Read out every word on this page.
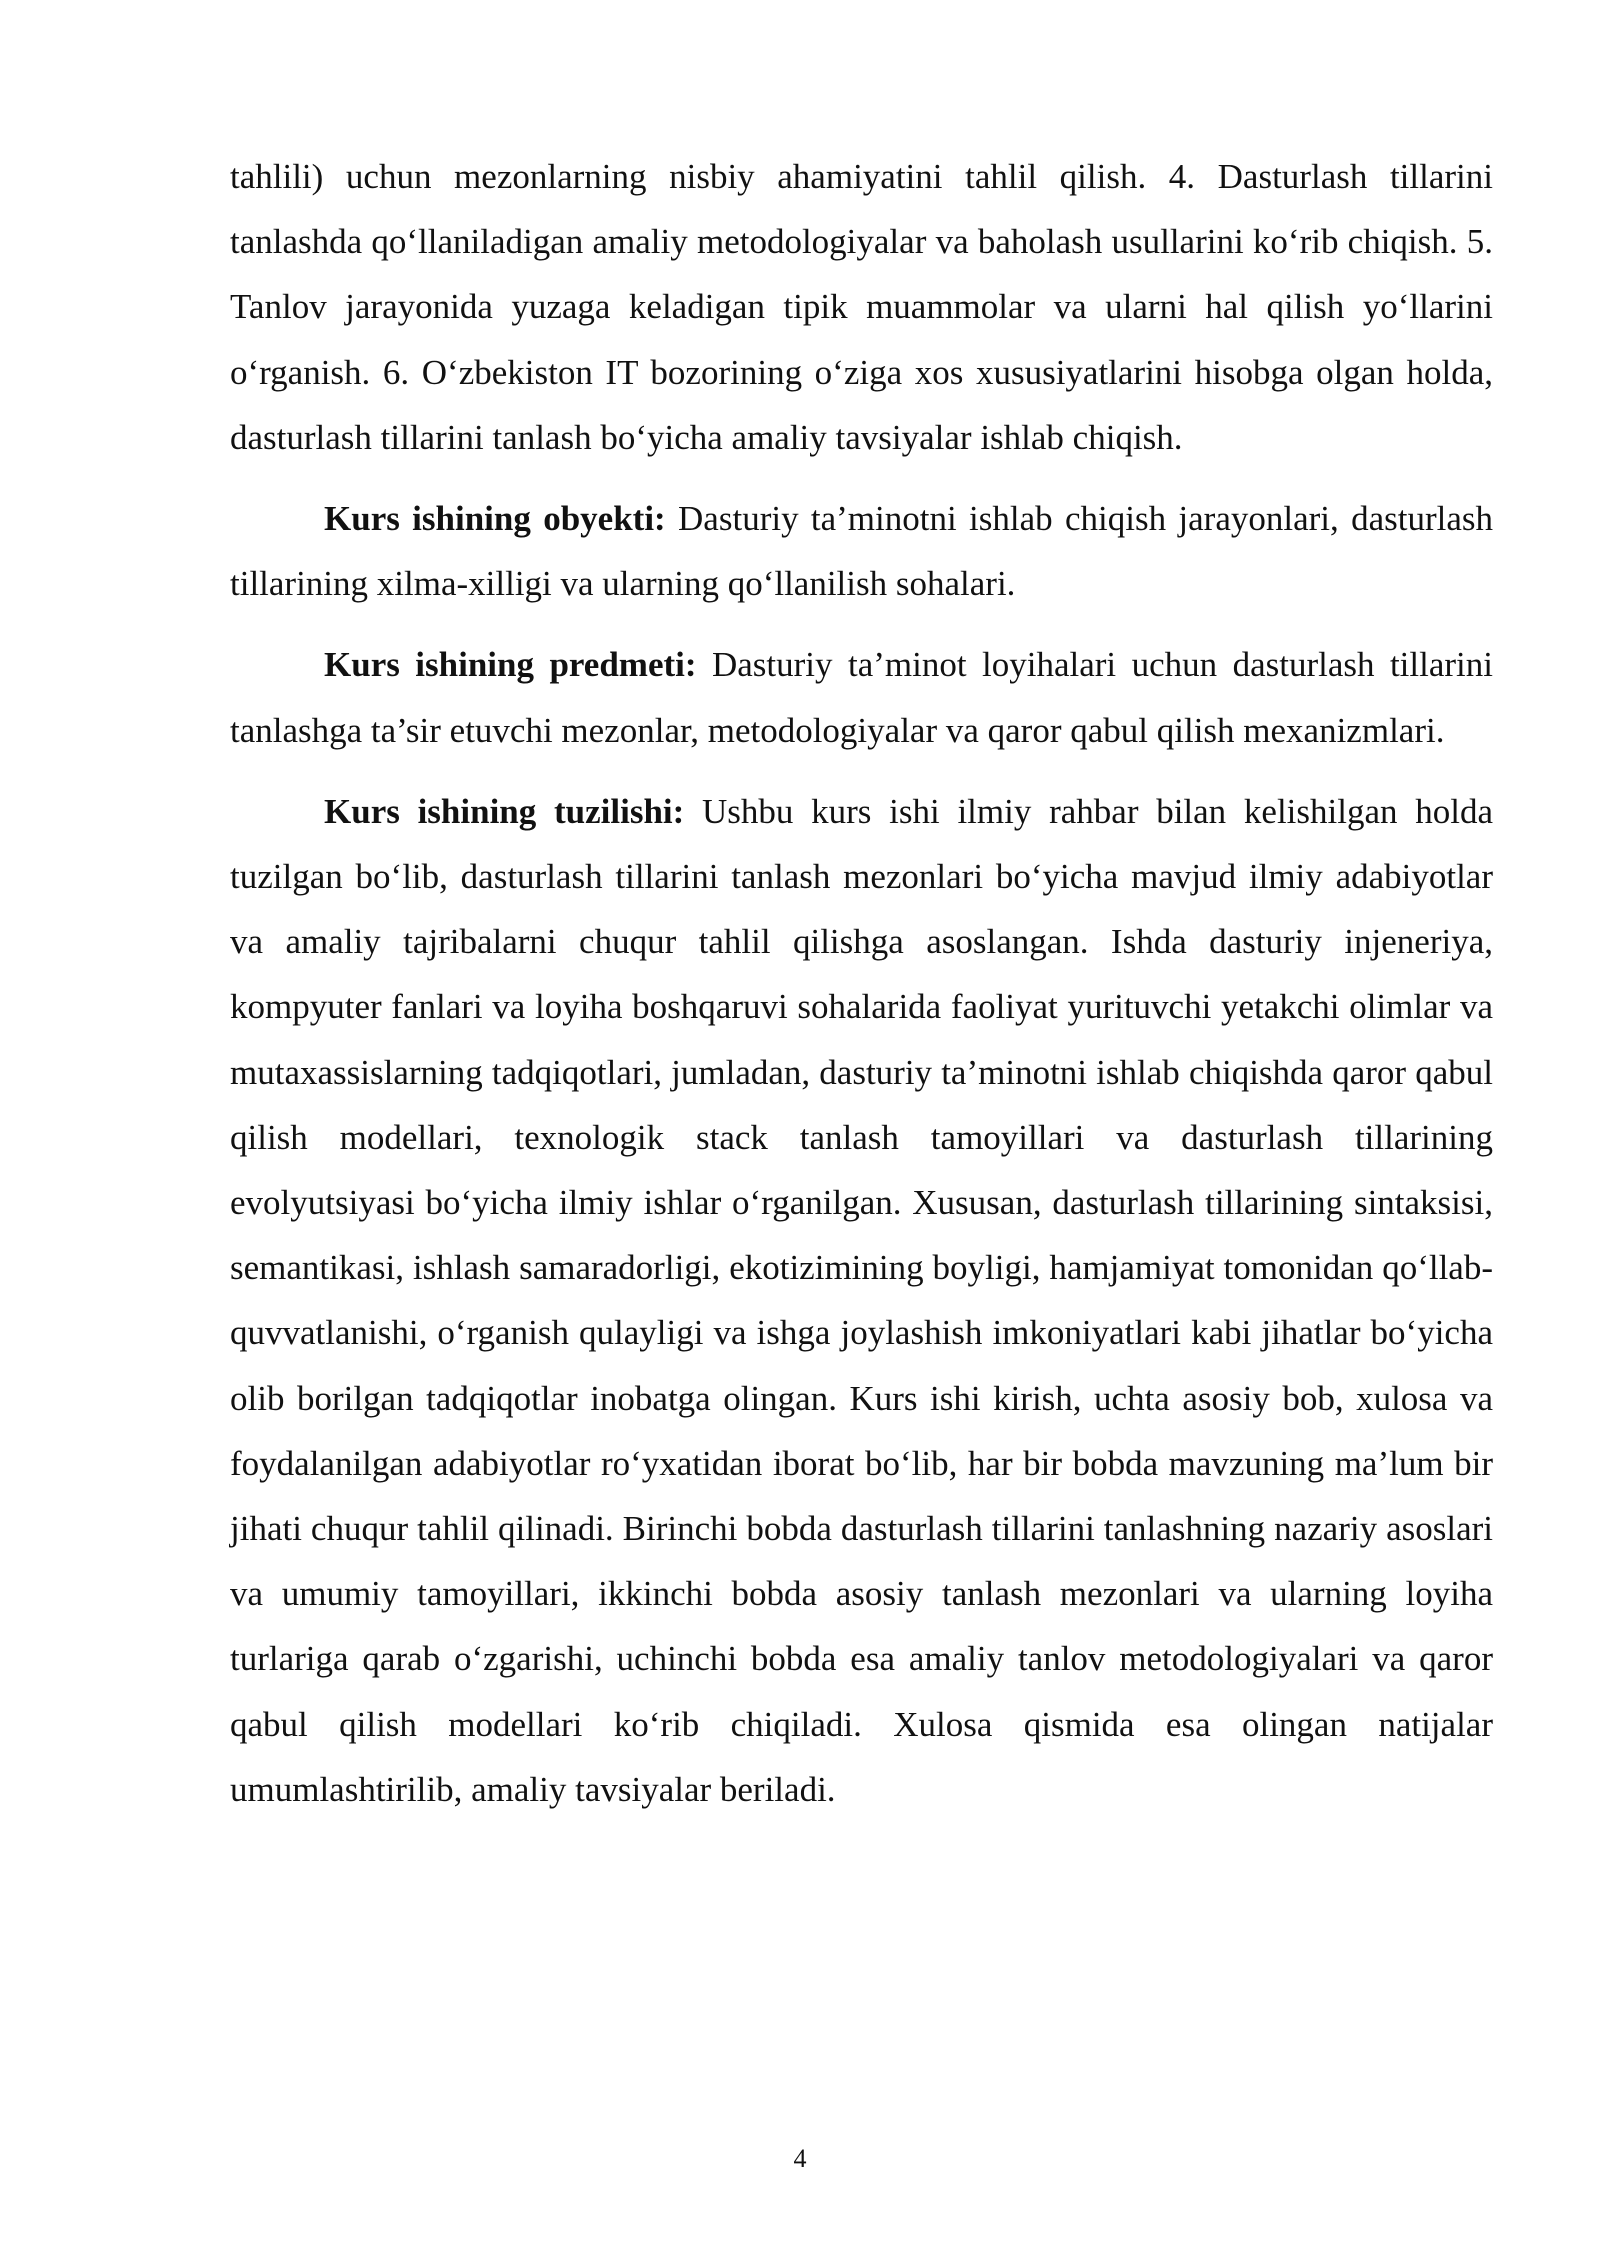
tahlili) uchun mezonlarning nisbiy ahamiyatini tahlil qilish. 4. Dasturlash tillarini tanlashda qo‘llaniladigan amaliy metodologiyalar va baholash usullarini ko‘rib chiqish. 5. Tanlov jarayonida yuzaga keladigan tipik muammolar va ularni hal qilish yo‘llarini o‘rganish. 6. O‘zbekiston IT bozorining o‘ziga xos xususiyatlarini hisobga olgan holda, dasturlash tillarini tanlash bo‘yicha amaliy tavsiyalar ishlab chiqish.

Kurs ishining obyekti: Dasturiy ta’minotni ishlab chiqish jarayonlari, dasturlash tillarining xilma-xilligi va ularning qo‘llanilish sohalari.

Kurs ishining predmeti: Dasturiy ta’minot loyihalari uchun dasturlash tillarini tanlashga ta’sir etuvchi mezonlar, metodologiyalar va qaror qabul qilish mexanizmlari.

Kurs ishining tuzilishi: Ushbu kurs ishi ilmiy rahbar bilan kelishilgan holda tuzilgan bo‘lib, dasturlash tillarini tanlash mezonlari bo‘yicha mavjud ilmiy adabiyotlar va amaliy tajribalarni chuqur tahlil qilishga asoslangan. Ishda dasturiy injeneriya, kompyuter fanlari va loyiha boshqaruvi sohalarida faoliyat yurituvchi yetakchi olimlar va mutaxassislarning tadqiqotlari, jumladan, dasturiy ta’minotni ishlab chiqishda qaror qabul qilish modellari, texnologik stack tanlash tamoyillari va dasturlash tillarining evolyutsiyasi bo‘yicha ilmiy ishlar o‘rganilgan. Xususan, dasturlash tillarining sintaksisi, semantikasi, ishlash samaradorligi, ekotizimining boyligi, hamjamiyat tomonidan qo‘llab-quvvatlanishi, o‘rganish qulayligi va ishga joylashish imkoniyatlari kabi jihatlar bo‘yicha olib borilgan tadqiqotlar inobatga olingan. Kurs ishi kirish, uchta asosiy bob, xulosa va foydalanilgan adabiyotlar ro‘yxatidan iborat bo‘lib, har bir bobda mavzuning ma’lum bir jihati chuqur tahlil qilinadi. Birinchi bobda dasturlash tillarini tanlashning nazariy asoslari va umumiy tamoyillari, ikkinchi bobda asosiy tanlash mezonlari va ularning loyiha turlariga qarab o‘zgarishi, uchinchi bobda esa amaliy tanlov metodologiyalari va qaror qabul qilish modellari ko‘rib chiqiladi. Xulosa qismida esa olingan natijalar umumlashtirilib, amaliy tavsiyalar beriladi.

4
